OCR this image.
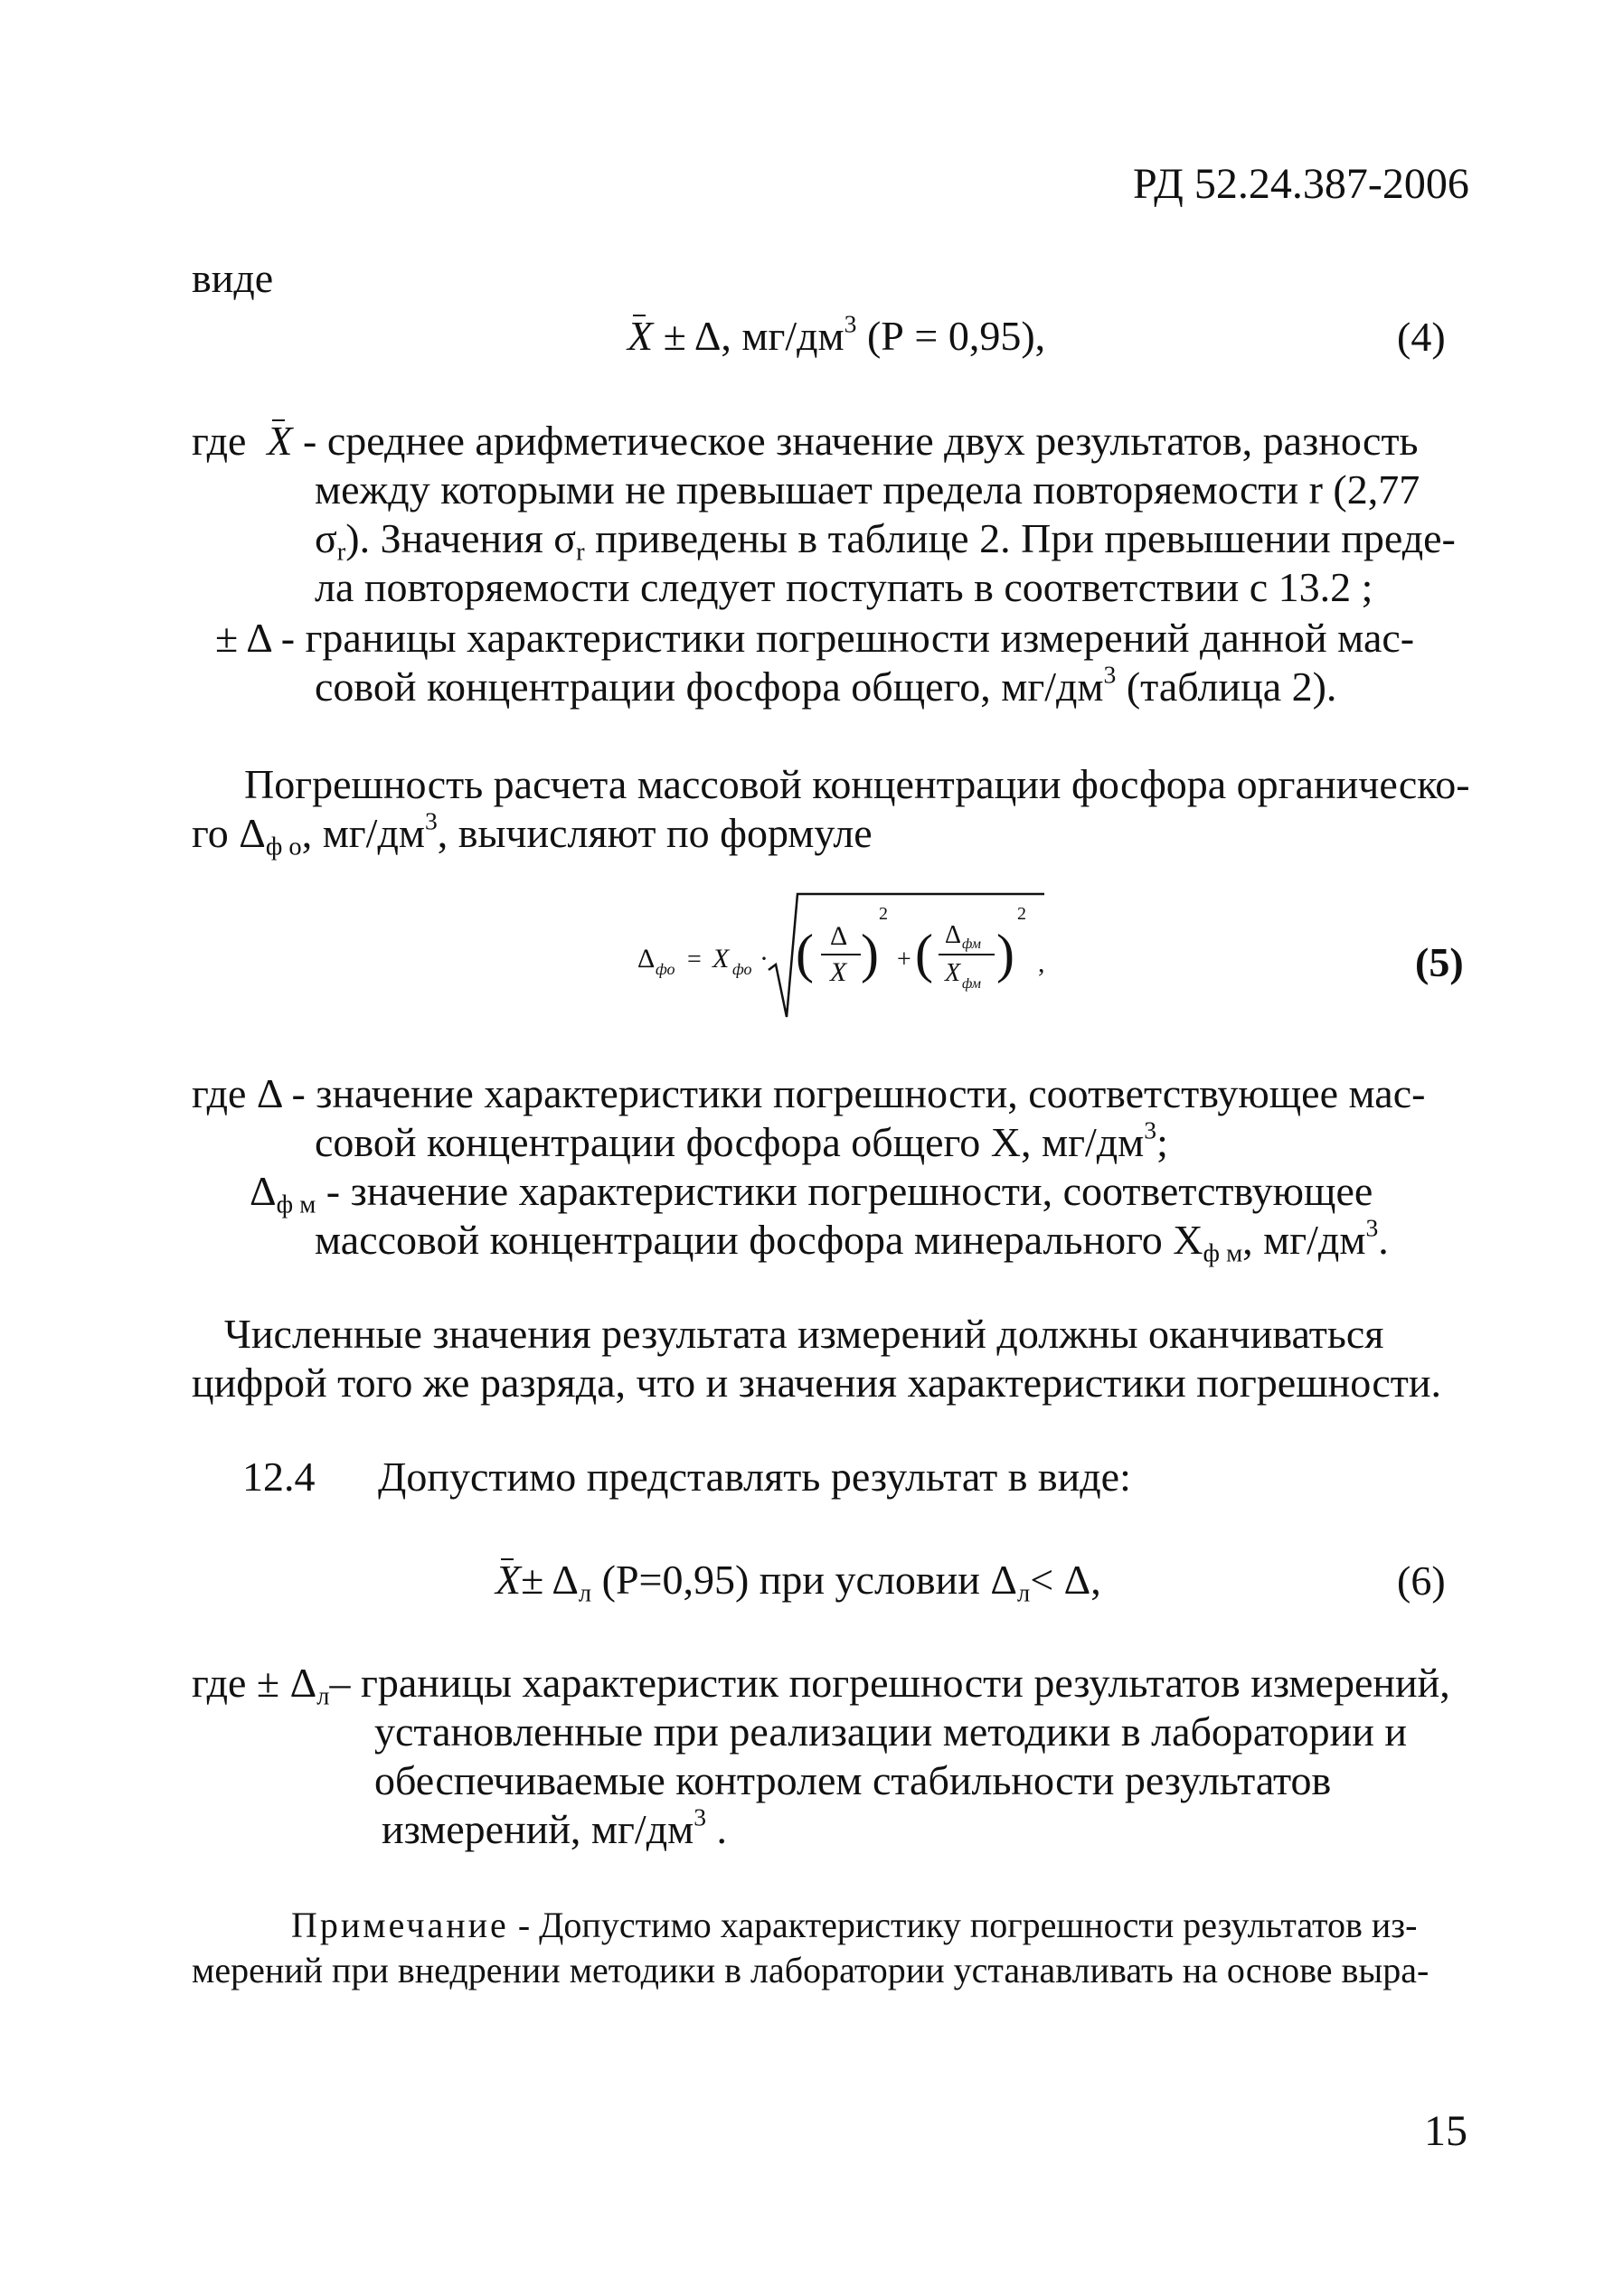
РД 52.24.387-2006
виде
X ± Δ, $мг/дм^3$ (Р = 0,95),	(4)
где X - среднее арифметическое значение двух результатов, разность
между которыми не превышает предела повторяемости r (2,77
$\sigma_r$). Значения $\sigma_r$ приведены в таблице 2. При превышении преде-
ла повторяемости следует поступать в соответствии с 13.2 ;
± Δ - границы характеристики погрешности измерений данной мас-
совой концентрации фосфора общего, $мг/дм^3$ (таблица 2).
Погрешность расчета массовой концентрации фосфора органическо-
го $\Delta_{ф о}$, $мг/дм^3$, вычисляют по формуле
Δ фо = X фо · ( Δ
X )
2
+ ( Δ фм
X фм
)
2
,	(5)
где Δ - значение характеристики погрешности, соответствующее мас-
совой концентрации фосфора общего X, $мг/дм^3$;
$\Delta_{ф м}$ - значение характеристики погрешности, соответствующее
массовой концентрации фосфора минерального $X_{ф м}$, $мг/дм^3$.
Численные значения результата измерений должны оканчиваться
цифрой того же разряда, что и значения характеристики погрешности.
12.4 Допустимо представлять результат в виде:
$X\pm \Delta_л$ (Р=0,95) при условии $\Delta_л< \Delta$,	(6)
где ± $\Delta_л-$ границы характеристик погрешности результатов измерений,
установленные при реализации методики в лаборатории и
обеспечиваемые контролем стабильности результатов
измерений, $мг/дм^3$ .
Примечание - Допустимо характеристику погрешности результатов из-
мерений при внедрении методики в лаборатории устанавливать на основе выра-
15
